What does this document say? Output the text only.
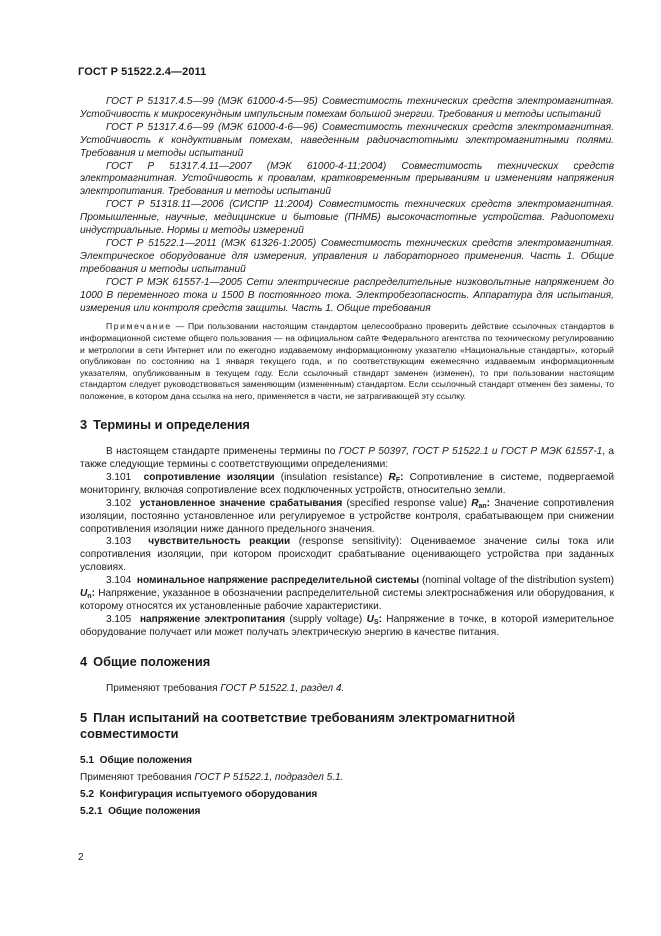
ГОСТ Р 51522.2.4—2011

ГОСТ Р 51317.4.5—99 (МЭК 61000-4-5—95) Совместимость технических средств электромагнитная. Устойчивость к микросекундным импульсным помехам большой энергии. Требования и методы испытаний

ГОСТ Р 51317.4.6—99 (МЭК 61000-4-6—96) Совместимость технических средств электромагнитная. Устойчивость к кондуктивным помехам, наведенным радиочастотными электромагнитными полями. Требования и методы испытаний

ГОСТ Р 51317.4.11—2007 (МЭК 61000-4-11:2004) Совместимость технических средств электромагнитная. Устойчивость к провалам, кратковременным прерываниям и изменениям напряжения электропитания. Требования и методы испытаний

ГОСТ Р 51318.11—2006 (СИСПР 11:2004) Совместимость технических средств электромагнитная. Промышленные, научные, медицинские и бытовые (ПНМБ) высокочастотные устройства. Радиопомехи индустриальные. Нормы и методы измерений

ГОСТ Р 51522.1—2011 (МЭК 61326-1:2005) Совместимость технических средств электромагнитная. Электрическое оборудование для измерения, управления и лабораторного применения. Часть 1. Общие требования и методы испытаний

ГОСТ Р МЭК 61557-1—2005 Сети электрические распределительные низковольтные напряжением до 1000 В переменного тока и 1500 В постоянного тока. Электробезопасность. Аппаратура для испытания, измерения или контроля средств защиты. Часть 1. Общие требования

Примечание — При пользовании настоящим стандартом целесообразно проверить действие ссылочных стандартов в информационной системе общего пользования — на официальном сайте Федерального агентства по техническому регулированию и метрологии в сети Интернет или по ежегодно издаваемому информационному указателю «Национальные стандарты», который опубликован по состоянию на 1 января текущего года, и по соответствующим ежемесячно издаваемым информационным указателям, опубликованным в текущем году. Если ссылочный стандарт заменен (изменен), то при пользовании настоящим стандартом следует руководствоваться заменяющим (измененным) стандартом. Если ссылочный стандарт отменен без замены, то положение, в котором дана ссылка на него, применяется в части, не затрагивающей эту ссылку.

3 Термины и определения

В настоящем стандарте применены термины по ГОСТ Р 50397, ГОСТ Р 51522.1 и ГОСТ Р МЭК 61557-1, а также следующие термины с соответствующими определениями:

3.101 сопротивление изоляции (insulation resistance) $R_F$: Сопротивление в системе, подвергаемой мониторингу, включая сопротивление всех подключенных устройств, относительно земли.

3.102 установленное значение срабатывания (specified response value) $R_{an}$: Значение сопротивления изоляции, постоянно установленное или регулируемое в устройстве контроля, срабатывающем при снижении сопротивления изоляции ниже данного предельного значения.

3.103 чувствительность реакции (response sensitivity): Оцениваемое значение силы тока или сопротивления изоляции, при котором происходит срабатывание оценивающего устройства при заданных условиях.

3.104 номинальное напряжение распределительной системы (nominal voltage of the distribution system) $U_n$: Напряжение, указанное в обозначении распределительной системы электроснабжения или оборудования, к которому относятся их установленные рабочие характеристики.

3.105 напряжение электропитания (supply voltage) $U_S$: Напряжение в точке, в которой измерительное оборудование получает или может получать электрическую энергию в качестве питания.

4 Общие положения

Применяют требования ГОСТ Р 51522.1, раздел 4.

5 План испытаний на соответствие требованиям электромагнитной совместимости
5.1 Общие положения

Применяют требования ГОСТ Р 51522.1, подраздел 5.1.

5.2 Конфигурация испытуемого оборудования
5.2.1 Общие положения
2
